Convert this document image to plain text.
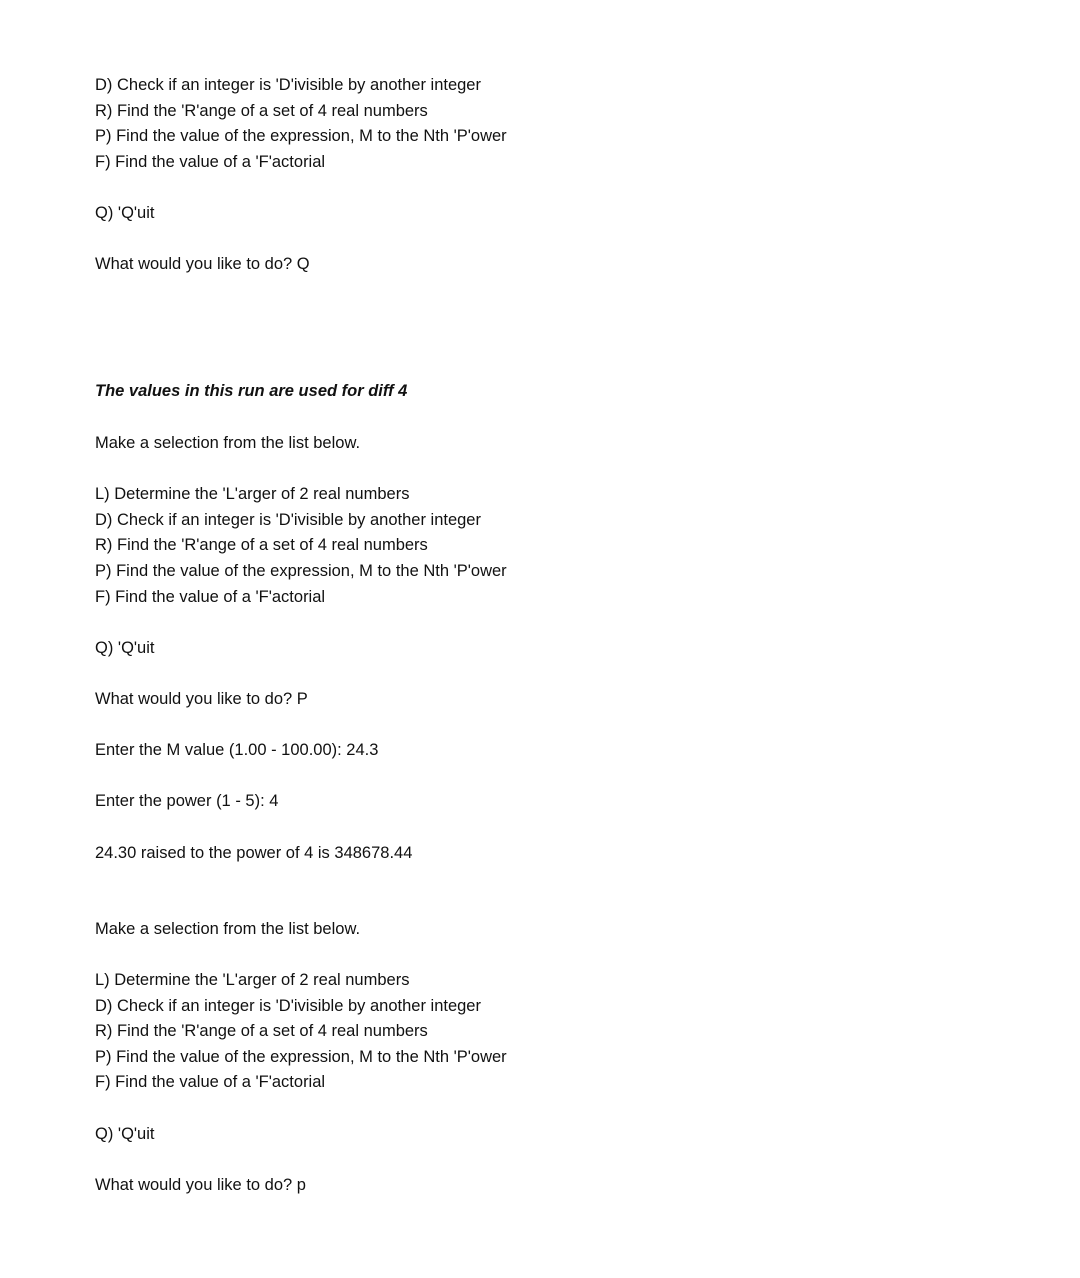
D) Check if an integer is 'D'ivisible by another integer
R) Find the 'R'ange of a set of 4 real numbers
P) Find the value of the expression, M to the Nth 'P'ower
F) Find the value of a 'F'actorial
Q) 'Q'uit
What would you like to do? Q
The values in this run are used for diff 4
Make a selection from the list below.
L) Determine the 'L'arger of 2 real numbers
D) Check if an integer is 'D'ivisible by another integer
R) Find the 'R'ange of a set of 4 real numbers
P) Find the value of the expression, M to the Nth 'P'ower
F) Find the value of a 'F'actorial
Q) 'Q'uit
What would you like to do? P
Enter the M value (1.00 - 100.00): 24.3
Enter the power (1 - 5): 4
24.30 raised to the power of 4 is 348678.44
Make a selection from the list below.
L) Determine the 'L'arger of 2 real numbers
D) Check if an integer is 'D'ivisible by another integer
R) Find the 'R'ange of a set of 4 real numbers
P) Find the value of the expression, M to the Nth 'P'ower
F) Find the value of a 'F'actorial
Q) 'Q'uit
What would you like to do? p
